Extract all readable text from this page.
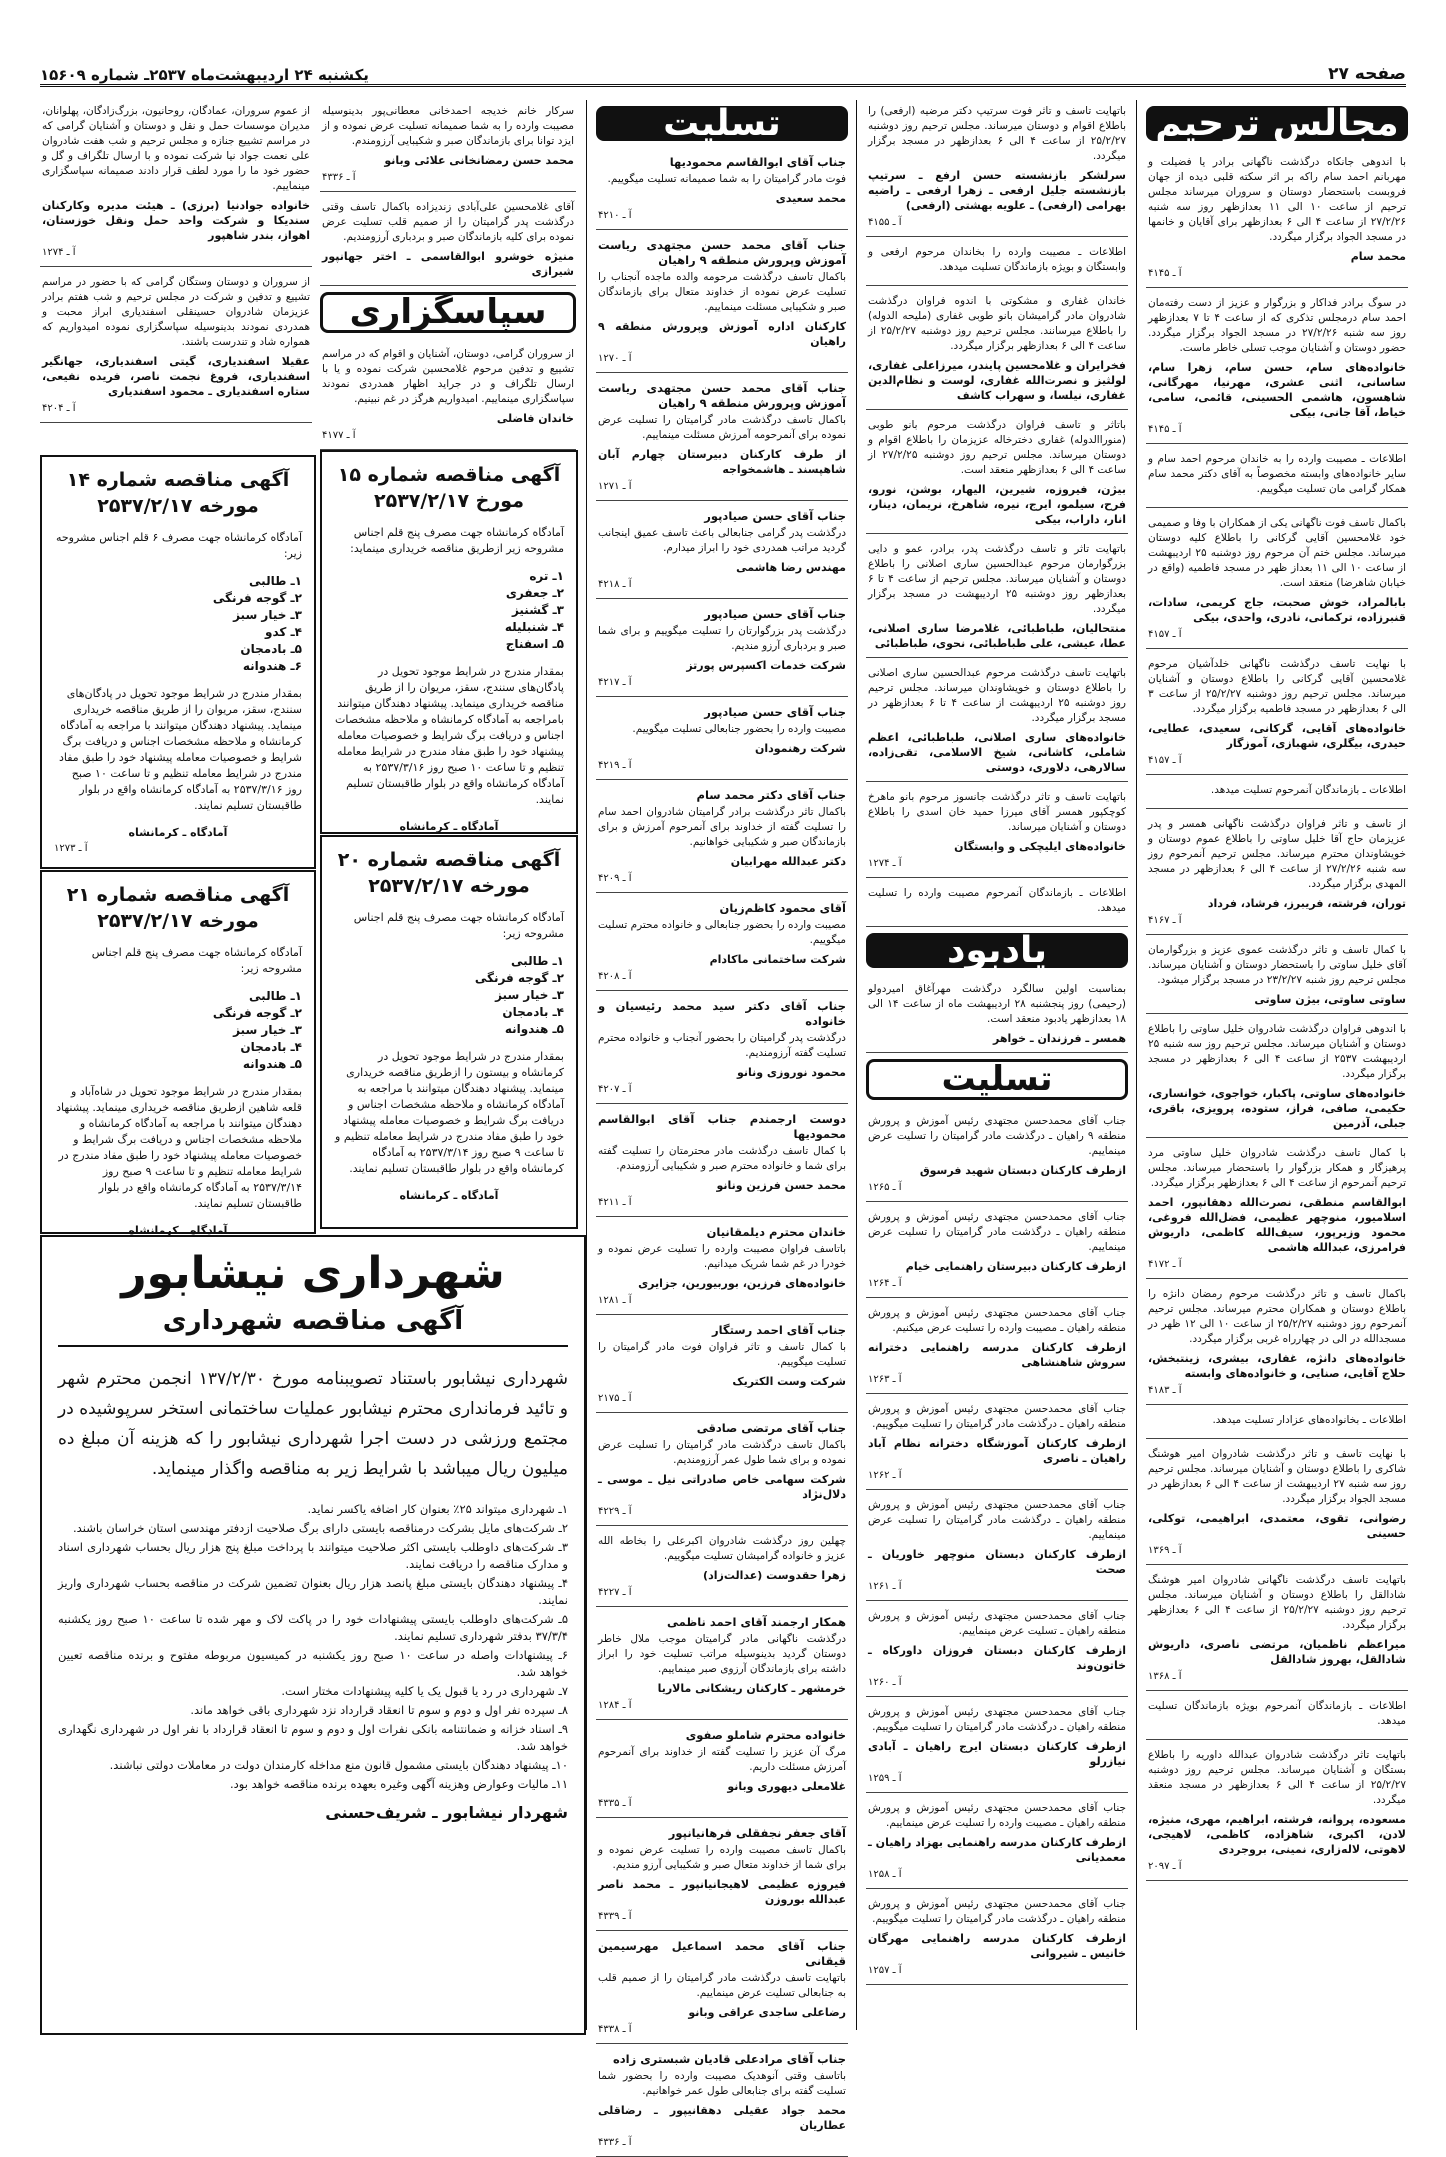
صفحه ۲۷
یکشنبه ۲۴ اردیبهشت‌ماه ۲۵۳۷ـ شماره ۱۵۶۰۹
مجالس ترحیم

با اندوهی جانکاه درگذشت ناگهانی برادر یا فضیلت و مهربانم احمد سام راکه بر اثر سکته قلبی دیده از جهان فروبست باستحضار دوستان و سروران میرساند مجلس ترحیم از ساعت ۱۰ الی ۱۱ بعدازظهر روز سه شنبه ۲۷/۲/۲۶ از ساعت ۴ الی ۶ بعدازظهر برای آقایان و خانمها در مسجد الجواد برگزار میگردد.

محمد سام
آ ـ ۴۱۴۵

در سوگ برادر فداکار و بزرگوار و عزیز از دست رفته‌مان احمد سام درمجلس تذکری که از ساعت ۴ تا ۷ بعدازظهر روز سه شنبه ۲۷/۲/۲۶ در مسجد الجواد برگزار میگردد. حضور دوستان و آشنایان موجب تسلی خاطر ماست.

خانواده‌های سام، حسن سام، زهرا سام، ساسانی، اثنی عشری، مهرنیا، مهرگانی، شاهسون، هاشمی الحسینی، قائمی، سامی، خیاط، آقا جانی، بیکی
آ ـ ۴۱۴۵

اطلاعات ـ مصیبت وارده را به خاندان مرحوم احمد سام و سایر خانواده‌های وابسته مخصوصاً به آقای دکتر محمد سام همکار گرامی مان تسلیت میگوییم.

باکمال تاسف فوت ناگهانی یکی از همکاران با وفا و صمیمی خود غلامحسین آقایی گرکانی را باطلاع کلیه دوستان میرساند. مجلس ختم آن مرحوم روز دوشنبه ۲۵ اردیبهشت از ساعت ۱۰ الی ۱۱ بعداز ظهر در مسجد فاطمیه (واقع در خیابان شاهرضا) منعقد است.

بابالمراد، خوش صحبت، جاج کریمی، سادات، قنبرزاده، ترکمانی، نادری، واحدی، بیکی
آ ـ ۴۱۵۷

با نهایت تاسف درگذشت ناگهانی خلدآشیان مرحوم غلامحسین آقایی گرکانی را باطلاع دوستان و آشنایان میرساند. مجلس ترحیم روز دوشنبه ۲۵/۲/۲۷ از ساعت ۳ الی ۶ بعدازظهر در مسجد فاطمیه برگزار میگردد.

خانواده‌های آقایی، گرکانی، سعیدی، عطایی، حیدری، بیگلری، شهبازی، آموزگار
آ ـ ۴۱۵۷

اطلاعات ـ بازماندگان آنمرحوم تسلیت میدهد.

از تاسف و تاثر فراوان درگذشت ناگهانی همسر و پدر عزیزمان حاج آقا خلیل ساوتی را باطلاع عموم دوستان و خویشاوندان محترم میرساند. مجلس ترحیم آنمرحوم روز سه شنبه ۲۷/۲/۲۶ از ساعت ۴ الی ۶ بعدازظهر در مسجد المهدی برگزار میگردد.

توران، فرشته، فریبرز، فرشاد، فرداد
آ ـ ۴۱۶۷

با کمال تاسف و تاثر درگذشت عموی عزیز و بزرگوارمان آقای خلیل ساوتی را باستحضار دوستان و آشنایان میرساند. مجلس ترحیم روز شنبه ۲۳/۲/۲۷ در مسجد برگزار میشود.

ساوتی ساوتی، بیژن ساوتی

با اندوهی فراوان درگذشت شادروان خلیل ساوتی را باطلاع دوستان و آشنایان میرساند. مجلس ترحیم روز سه شنبه ۲۵ اردیبهشت ۲۵۳۷ از ساعت ۴ الی ۶ بعدازظهر در مسجد برگزار میگردد.

خانواده‌های ساوتی، پاکبار، خواجوی، خوانساری، حکیمی، صافی، فراز، ستوده، پرویزی، باقری، جبلی، آذرمین

با کمال تاسف درگذشت شادروان خلیل ساوتی مرد پرهیزگار و همکار بزرگوار را باستحضار میرساند. مجلس ترحیم آنمرحوم از ساعت ۴ الی ۶ بعدازظهر برگزار میگردد.

ابوالقاسم منطقی، نصرت‌الله دهقانپور، احمد اسلامیور، منوچهر عظیمی، فضل‌الله فروغی، محمود وزیرپور، سیف‌الله کاظمی، داریوش فرامرزی، عبدالله هاشمی
آ ـ ۴۱۷۲

باکمال تاسف و تاثر درگذشت مرحوم رمضان دانژه را باطلاع دوستان و همکاران محترم میرساند. مجلس ترحیم آنمرحوم روز دوشنبه ۲۵/۲/۲۷ از ساعت ۱۰ الی ۱۲ ظهر در مسجدالله در الی در چهارراه غربی برگزار میگردد.

خانواده‌های دانژه، غفاری، بیشری، زینتبخش، حلاج آقایی، صنایی، و خانواده‌های وابسته
آ ـ ۴۱۸۳

اطلاعات ـ بخانواده‌های عزادار تسلیت میدهد.

با نهایت تاسف و تاثر درگذشت شادروان امیر هوشنگ شاکری را باطلاع دوستان و آشنایان میرساند. مجلس ترحیم روز سه شنبه ۲۷ اردیبهشت از ساعت ۴ الی ۶ بعدازظهر در مسجد الجواد برگزار میگردد.

رضوانی، تقوی، معتمدی، ابراهیمی، توکلی، حسینی
آ ـ ۱۳۶۹

باتهایت تاسف درگذشت ناگهانی شادروان امیر هوشنگ شادالقل را باطلاع دوستان و آشنایان میرساند. مجلس ترحیم روز دوشنبه ۲۵/۲/۲۷ از ساعت ۴ الی ۶ بعدازظهر برگزار میگردد.

میراعظم ناظمیان، مرتضی ناصری، داریوش شادالقل، بهروز شادالقل
آ ـ ۱۳۶۸

اطلاعات ـ بازماندگان آنمرحوم بویژه بازماندگان تسلیت میدهد.

باتهایت تاثر درگذشت شادروان عبدالله داوریه را باطلاع بستگان و آشنایان میرساند. مجلس ترحیم روز دوشنبه ۲۵/۲/۲۷ از ساعت ۴ الی ۶ بعدازظهر در مسجد منعقد میگردد.

مسعوده، پروانه، فرشته، ابراهیم، مهری، منیژه، لادن، اکبری، شاهزاده، کاظمی، لاهیجی، لاهوتی، لاله‌زاری، نمینی، بروجردی
آ ـ ۲۰۹۷

باتهایت تاسف و تاثر فوت سرتیپ دکتر مرضیه (ارفعی) را باطلاع اقوام و دوستان میرساند. مجلس ترحیم روز دوشنبه ۲۵/۲/۲۷ از ساعت ۴ الی ۶ بعدازظهر در مسجد برگزار میگردد.

سرلشکر بازنشسته حسن ارفع ـ سرتیپ بازنشسته جلیل ارفعی ـ زهرا ارفعی ـ راضیه بهرامی (ارفعی) ـ علویه بهشتی (ارفعی)
آ ـ ۴۱۵۵

اطلاعات ـ مصیبت وارده را بخاندان مرحوم ارفعی و وابستگان و بویژه بازماندگان تسلیت میدهد.

خاندان غفاری و مشکوتی با اندوه فراوان درگذشت شادروان مادر گرامیشان بانو طوبی غفاری (ملیحه الدوله) را باطلاع میرسانند. مجلس ترحیم روز دوشنبه ۲۵/۲/۲۷ از ساعت ۴ الی ۶ بعدازظهر برگزار میگردد.

فخرایران و غلامحسین پایندر، میرزاعلی غفاری، لولثیز و نصرت‌الله غفاری، لوست و نظام‌الدین غفاری، نیلسا، و سهراب کاشف

باتاثر و تاسف فراوان درگذشت مرحوم بانو طوبی (منوراالدوله) غفاری دخترخاله عزیزمان را باطلاع اقوام و دوستان میرساند. مجلس ترحیم روز دوشنبه ۲۷/۲/۲۵ از ساعت ۴ الی ۶ بعدازظهر منعقد است.

بیژن، فیروزه، شیرین، الیهار، بوشن، نورو، فرح، سیلمو، ایرج، نیره، شاهرخ، نریمان، دینار، انار، داراب، بیکی

باتهایت تاثر و تاسف درگذشت پدر، برادر، عمو و دایی بزرگوارمان مرحوم عبدالحسین ساری اصلانی را باطلاع دوستان و آشنایان میرساند. مجلس ترحیم از ساعت ۴ تا ۶ بعدازظهر روز دوشنبه ۲۵ اردیبهشت در مسجد برگزار میگردد.

منتحالیان، طباطبائی، غلامرضا ساری اصلانی، عطا، عیشی، علی طباطبائی، نحوی، طباطبائی

باتهایت تاسف درگذشت مرحوم عبدالحسین ساری اصلانی را باطلاع دوستان و خویشاوندان میرساند. مجلس ترحیم روز دوشنبه ۲۵ اردیبهشت از ساعت ۴ تا ۶ بعدازظهر در مسجد برگزار میگردد.

خانواده‌های ساری اصلانی، طباطبائی، اعظم شاملی، کاشانی، شیخ الاسلامی، تقی‌زاده، سالارهی، دلاوری، دوستی

باتهایت تاسف و تاثر درگذشت جانسوز مرحوم بانو ماهرخ کوچکپور همسر آقای میرزا حمید خان اسدی را باطلاع دوستان و آشنایان میرساند.

خانواده‌های ایلیچکی و وابستگان
آ ـ ۱۲۷۴

اطلاعات ـ بازماندگان آنمرحوم مصیبت وارده را تسلیت میدهد.

یادبود

بمناسبت اولین سالگرد درگذشت مهرآغاق امیردولو (رحیمی) روز پنجشنبه ۲۸ اردیبهشت ماه از ساعت ۱۴ الی ۱۸ بعدازظهر یادبود منعقد است.

همسر ـ فرزندان ـ خواهر
تسلیت

جناب آقای محمدحسن مجتهدی رئیس آموزش و پرورش منطقه ۹ راهیان ـ درگذشت مادر گرامیتان را تسلیت عرض مینماییم.

ازطرف کارکنان دبستان شهید فرسوق
آ ـ ۱۲۶۵

جناب آقای محمدحسن مجتهدی رئیس آموزش و پرورش منطقه راهیان ـ درگذشت مادر گرامیتان را تسلیت عرض مینماییم.

ازطرف کارکنان دبیرستان راهنمایی خیام
آ ـ ۱۲۶۴

جناب آقای محمدحسن مجتهدی رئیس آموزش و پرورش منطقه راهیان ـ مصیبت وارده را تسلیت عرض میکنیم.

ازطرف کارکنان مدرسه راهنمایی دخترانه سروش شاهنشاهی
آ ـ ۱۲۶۳

جناب آقای محمدحسن مجتهدی رئیس آموزش و پرورش منطقه راهیان ـ درگذشت مادر گرامیتان را تسلیت میگوییم.

ازطرف کارکنان آموزشگاه دخترانه نظام آباد راهیان ـ ناصری
آ ـ ۱۲۶۲

جناب آقای محمدحسن مجتهدی رئیس آموزش و پرورش منطقه راهیان ـ درگذشت مادر گرامیتان را تسلیت عرض مینماییم.

ازطرف کارکنان دبستان منوچهر خاوریان ـ صحت
آ ـ ۱۲۶۱

جناب آقای محمدحسن مجتهدی رئیس آموزش و پرورش منطقه راهیان ـ تسلیت عرض مینماییم.

ازطرف کارکنان دبستان فروزان داورکاه ـ خاتون‌وند
آ ـ ۱۲۶۰

جناب آقای محمدحسن مجتهدی رئیس آموزش و پرورش منطقه راهیان ـ درگذشت مادر گرامیتان را تسلیت میگوییم.

ازطرف کارکنان دبستان ایرج راهیان ـ آبادی نیازرلو
آ ـ ۱۲۵۹

جناب آقای محمدحسن مجتهدی رئیس آموزش و پرورش منطقه راهیان ـ مصیبت وارده را تسلیت عرض مینماییم.

ازطرف کارکنان مدرسه راهنمایی بهزاد راهیان ـ معمدیانی
آ ـ ۱۲۵۸

جناب آقای محمدحسن مجتهدی رئیس آموزش و پرورش منطقه راهیان ـ درگذشت مادر گرامیتان را تسلیت میگوییم.

ازطرف کارکنان مدرسه راهنمایی مهرگان خانیس ـ شیروانی
آ ـ ۱۲۵۷
تسلیت
جناب آقای ابوالقاسم محمودیها

فوت مادر گرامیتان را به شما صمیمانه تسلیت میگوییم.

محمد سعیدی
آ ـ ۴۲۱۰
جناب آقای محمد حسن مجتهدی ریاست آموزش وپرورش منطقه ۹ راهیان

باکمال تاسف درگذشت مرحومه والده ماجده آنجناب را تسلیت عرض نموده از خداوند متعال برای بازماندگان صبر و شکیبایی مسئلت مینماییم.

کارکنان اداره آموزش وپرورش منطقه ۹ راهیان
آ ـ ۱۲۷۰
جناب آقای محمد حسن مجتهدی ریاست آموزش وپرورش منطقه ۹ راهیان

باکمال تاسف درگذشت مادر گرامیتان را تسلیت عرض نموده برای آنمرحومه آمرزش مسئلت مینماییم.

از طرف کارکنان دبیرستان چهارم آبان شاهپسند ـ هاشمخواجه
آ ـ ۱۲۷۱
جناب آقای حسن صیادپور

درگذشت پدر گرامی جنابعالی باعث تاسف عمیق اینجانب گردید مراتب همدردی خود را ابراز میدارم.

مهندس رضا هاشمی
آ ـ ۴۲۱۸
جناب آقای حسن صیادپور

درگذشت پدر بزرگوارتان را تسلیت میگوییم و برای شما صبر و بردباری آرزو مندیم.

شرکت خدمات اکسپرس پورتز
آ ـ ۴۲۱۷
جناب آقای حسن صیادپور

مصیبت وارده را بحضور جنابعالی تسلیت میگوییم.

شرکت رهنمودان
آ ـ ۴۲۱۹
جناب آقای دکتر محمد سام

باکمال تاثر درگذشت برادر گرامیتان شادروان احمد سام را تسلیت گفته از خداوند برای آنمرحوم آمرزش و برای بازماندگان صبر و شکیبایی خواهانیم.

دکتر عبدالله مهرابیان
آ ـ ۴۲۰۹
آقای محمود کاظم‌زیان

مصیبت وارده را بحضور جنابعالی و خانواده محترم تسلیت میگوییم.

شرکت ساختمانی ماکادام
آ ـ ۴۲۰۸
جناب آقای دکتر سید محمد رئیسیان و خانواده

درگذشت پدر گرامیتان را بحضور آنجناب و خانواده محترم تسلیت گفته آرزومندیم.

محمود نوروزی ونانو
آ ـ ۴۲۰۷
دوست ارجمندم جناب آقای ابوالقاسم محمودیها

با کمال تاسف درگذشت مادر محترمتان را تسلیت گفته برای شما و خانواده محترم صبر و شکیبایی آرزومندم.

محمد حسن فرزین ونانو
آ ـ ۴۲۱۱
خاندان محترم دیلمقانیان

باتاسف فراوان مصیبت وارده را تسلیت عرض نموده و خودرا در غم شما شریک میدانیم.

خانواده‌های فرزین، بوربیورین، جزایری
آ ـ ۱۲۸۱
جناب آقای احمد رستگار

با کمال تاسف و تاثر فراوان فوت مادر گرامیتان را تسلیت میگوییم.

شرکت وست الکتریک
آ ـ ۲۱۷۵
جناب آقای مرتضی صادقی

باکمال تاسف درگذشت مادر گرامیتان را تسلیت عرض نموده و برای شما طول عمر آرزومندیم.

شرکت سهامی خاص صادراتی نیل ـ موسی ـ دلال‌نژاد
آ ـ ۴۲۲۹

چهلین روز درگذشت شادروان اکبرعلی را بخاطه الله عزیز و خانواده گرامیشان تسلیت میگوییم.

زهرا حقدوست (عدالت‌زاد)
آ ـ ۴۲۲۷
همکار ارجمند آقای احمد ناظمی

درگذشت ناگهانی مادر گرامیتان موجب ملال خاطر دوستان گردید بدینوسیله مراتب تسلیت خود را ابراز داشته برای بازماندگان آرزوی صبر مینماییم.

خرمشهر ـ کارکنان ریشکانی مالاریا
آ ـ ۱۲۸۴
خانواده محترم شاملو صفوی

مرگ آن عزیز را تسلیت گفته از خداوند برای آنمرحوم آمرزش مسئلت داریم.

غلامعلی دیهوری وبانو
آ ـ ۴۳۳۵
آقای جعفر نجفقلی فرهانیانپور

باکمال تاسف مصیبت وارده را تسلیت عرض نموده و برای شما از خداوند متعال صبر و شکیبایی آرزو مندیم.

فیروزه عظیمی لاهیجانیانپور ـ محمد ناصر عبدالله بوروزن
آ ـ ۴۳۳۹
جناب آقای محمد اسماعیل مهرسیمین قیقانی

باتهایت تاسف درگذشت مادر گرامیتان را از صمیم قلب به جنابعالی تسلیت عرض مینماییم.

رضاعلی ساجدی عراقی وبانو
آ ـ ۴۳۳۸
جناب آقای مرادعلی قادیان شبستری زاده

باتاسف وقتی آنوهدیک مصیبت وارده را بحضور شما تسلیت گفته برای جنابعالی طول عمر خواهانیم.

محمد جواد عقیلی دهقانیپور ـ رضاقلی عطاریان
آ ـ ۴۳۳۶

سرکار خانم خدیجه احمدخانی معطانی‌پور بدینوسیله مصیبت وارده را به شما صمیمانه تسلیت عرض نموده و از ایزد توانا برای بازماندگان صبر و شکیبایی آرزومندم.

محمد حسن رمضانخانی علائی وبانو
آ ـ ۴۳۳۶

آقای غلامحسین علی‌آبادی زندیزاده باکمال تاسف وقتی درگذشت پدر گرامیتان را از صمیم قلب تسلیت عرض نموده برای کلیه بازماندگان صبر و بردباری آرزومندیم.

منیژه خوشرو ابوالقاسمی ـ اختر جهانپور شیرازی
سپاسگزاری

از سروران گرامی، دوستان، آشنایان و اقوام که در مراسم تشییع و تدفین مرحوم غلامحسین شرکت نموده و یا با ارسال تلگراف و در جراید اظهار همدردی نمودند سپاسگزاری مینماییم. امیدواریم هرگز در غم نبینیم.

خاندان فاضلی
آ ـ ۴۱۷۷

از عموم سروران، عمادگان، روحانیون، بزرگ‌زادگان، پهلوانان، مدیران موسسات حمل و نقل و دوستان و آشنایان گرامی که در مراسم تشییع جنازه و مجلس ترحیم و شب هفت شادروان علی نعمت جواد نیا شرکت نموده و با ارسال تلگراف و گل و حضور خود ما را مورد لطف قرار دادند صمیمانه سپاسگزاری مینماییم.

خانواده جوادنیا (برزی) ـ هیئت مدیره وکارکنان سندیکا و شرکت واحد حمل ونقل خوزستان، اهواز، بندر شاهپور
آ ـ ۱۲۷۴

از سروران و دوستان وستگان گرامی که با حضور در مراسم تشییع و تدفین و شرکت در مجلس ترحیم و شب هفتم برادر عزیزمان شادروان حسینقلی اسفندیاری ابراز محبت و همدردی نمودند بدینوسیله سپاسگزاری نموده امیدواریم که همواره شاد و تندرست باشند.

عقیلا اسفندیاری، گیتی اسفندیاری، جهانگیر اسفندیاری، فروغ نجمت ناصر، فریده نفیعی، ستاره اسفندیاری ـ محمود اسفندیاری
آ ـ ۴۲۰۴
آگهی مناقصه شماره ۱۵
مورخ ۲۵۳۷/۲/۱۷

آمادگاه کرمانشاه جهت مصرف پنج قلم اجناس مشروحه زیر ازطریق مناقصه خریداری مینماید:

۱ـ تره
۲ـ جعفری
۳ـ گشنیز
۴ـ شنبلیله
۵ـ اسفناج

بمقدار مندرج در شرایط موجود تحویل در پادگان‌های سنندج، سقز، مریوان را از طریق مناقصه خریداری مینماید. پیشنهاد دهندگان میتوانند بامراجعه به آمادگاه کرمانشاه و ملاحظه مشخصات اجناس و دریافت برگ شرایط و خصوصیات معامله پیشنهاد خود را طبق مفاد مندرج در شرایط معامله تنظیم و تا ساعت ۱۰ صبح روز ۲۵۳۷/۳/۱۶ به آمادگاه کرمانشاه واقع در بلوار طاقبستان تسلیم نمایند.

آمادگاه ـ کرمانشاه
آگهی مناقصه شماره ۱۴
مورخه ۲۵۳۷/۲/۱۷

آمادگاه کرمانشاه جهت مصرف ۶ قلم اجناس مشروحه زیر:

۱ـ طالبی
۲ـ گوجه فرنگی
۳ـ خیار سبز
۴ـ کدو
۵ـ بادمجان
۶ـ هندوانه

بمقدار مندرج در شرایط موجود تحویل در پادگان‌های سنندج، سقز، مریوان را از طریق مناقصه خریداری مینماید. پیشنهاد دهندگان میتوانند با مراجعه به آمادگاه کرمانشاه و ملاحظه مشخصات اجناس و دریافت برگ شرایط و خصوصیات معامله پیشنهاد خود را طبق مفاد مندرج در شرایط معامله تنظیم و تا ساعت ۱۰ صبح روز ۲۵۳۷/۳/۱۶ به آمادگاه کرمانشاه واقع در بلوار طاقبستان تسلیم نمایند.

آمادگاه ـ کرمانشاه
آ ـ ۱۲۷۳
آگهی مناقصه شماره ۲۰
مورخه ۲۵۳۷/۲/۱۷

آمادگاه کرمانشاه جهت مصرف پنج قلم اجناس مشروحه زیر:

۱ـ طالبی
۲ـ گوجه فرنگی
۳ـ خیار سبز
۴ـ بادمجان
۵ـ هندوانه

بمقدار مندرج در شرایط موجود تحویل در کرمانشاه و بیستون را ازطریق مناقصه خریداری مینماید. پیشنهاد دهندگان میتوانند با مراجعه به آمادگاه کرمانشاه و ملاحظه مشخصات اجناس و دریافت برگ شرایط و خصوصیات معامله پیشنهاد خود را طبق مفاد مندرج در شرایط معامله تنظیم و تا ساعت ۹ صبح روز ۲۵۳۷/۳/۱۴ به آمادگاه کرمانشاه واقع در بلوار طاقبستان تسلیم نمایند.

آمادگاه ـ کرمانشاه
آگهی مناقصه شماره ۲۱
مورخه ۲۵۳۷/۲/۱۷

آمادگاه کرمانشاه جهت مصرف پنج قلم اجناس مشروحه زیر:

۱ـ طالبی
۲ـ گوجه فرنگی
۳ـ خیار سبز
۴ـ بادمجان
۵ـ هندوانه

بمقدار مندرج در شرایط موجود تحویل در شاه‌آباد و قلعه شاهین ازطریق مناقصه خریداری مینماید. پیشنهاد دهندگان میتوانند با مراجعه به آمادگاه کرمانشاه و ملاحظه مشخصات اجناس و دریافت برگ شرایط و خصوصیات معامله پیشنهاد خود را طبق مفاد مندرج در شرایط معامله تنظیم و تا ساعت ۹ صبح روز ۲۵۳۷/۳/۱۴ به آمادگاه کرمانشاه واقع در بلوار طاقبستان تسلیم نمایند.

آمادگاه ـ کرمانشاه
شهرداری نیشابور
آگهی مناقصه شهرداری

شهرداری نیشابور باستناد تصویبنامه مورخ ۱۳۷/۲/۳۰ انجمن محترم شهر و تائید فرمانداری محترم نیشابور عملیات ساختمانی استخر سرپوشیده در مجتمع ورزشی در دست اجرا شهرداری نیشابور را که هزینه آن مبلغ ده میلیون ریال میباشد با شرایط زیر به مناقصه واگذار مینماید.

۱ـ شهرداری میتواند ۲۵٪ بعنوان کار اضافه یاکسر نماید.

۲ـ شرکت‌های مایل بشرکت درمناقصه بایستی دارای برگ صلاحیت ازدفتر مهندسی استان خراسان باشند.

۳ـ شرکت‌های داوطلب بایستی اکثر صلاحیت میتوانند با پرداخت مبلغ پنج هزار ریال بحساب شهرداری اسناد و مدارک مناقصه را دریافت نمایند.

۴ـ پیشنهاد دهندگان بایستی مبلغ پانصد هزار ریال بعنوان تضمین شرکت در مناقصه بحساب شهرداری واریز نمایند.

۵ـ شرکت‌های داوطلب بایستی پیشنهادات خود را در پاکت لاک و مهر شده تا ساعت ۱۰ صبح روز یکشنبه ۳۷/۳/۴ بدفتر شهرداری تسلیم نمایند.

۶ـ پیشنهادات واصله در ساعت ۱۰ صبح روز یکشنبه در کمیسیون مربوطه مفتوح و برنده مناقصه تعیین خواهد شد.

۷ـ شهرداری در رد یا قبول یک یا کلیه پیشنهادات مختار است.

۸ـ سپرده نفر اول و دوم و سوم تا انعقاد قرارداد نزد شهرداری باقی خواهد ماند.

۹ـ اسناد خزانه و ضمانتنامه بانکی نفرات اول و دوم و سوم تا انعقاد قرارداد با نفر اول در شهرداری نگهداری خواهد شد.

۱۰ـ پیشنهاد دهندگان بایستی مشمول قانون منع مداخله کارمندان دولت در معاملات دولتی نباشند.

۱۱ـ مالیات وعوارض وهزینه آگهی وغیره بعهده برنده مناقصه خواهد بود.

شهردار نیشابور ـ شریف‌حسنی
